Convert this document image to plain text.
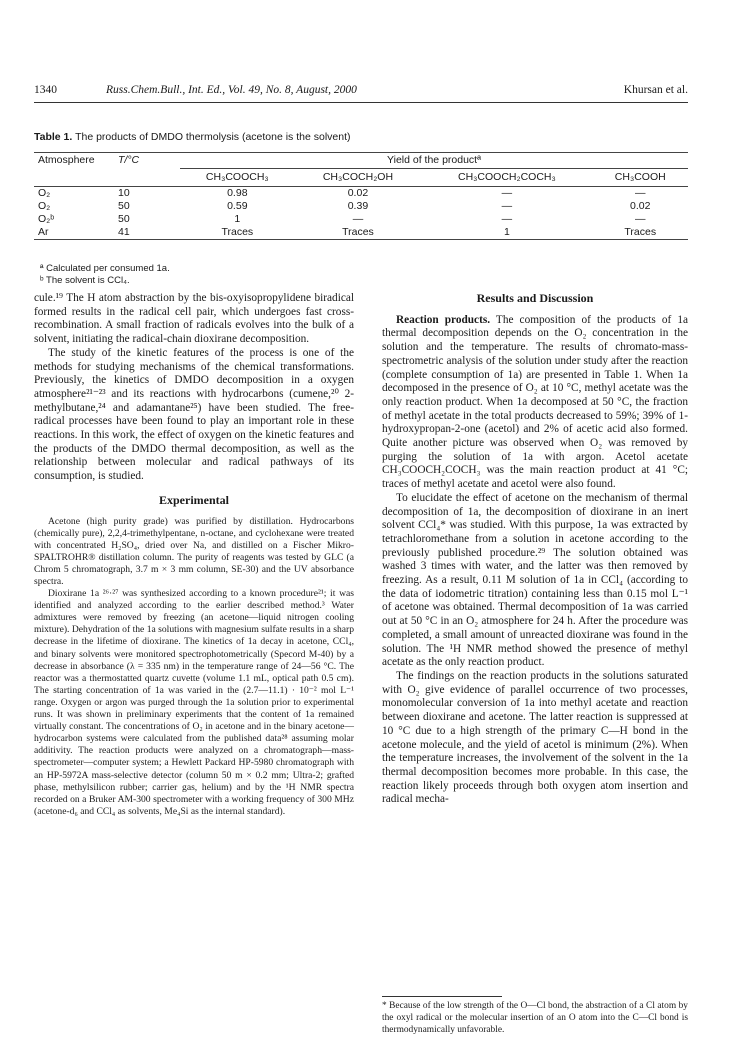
1340	Russ.Chem.Bull., Int. Ed., Vol. 49, No. 8, August, 2000	Khursan et al.
Table 1. The products of DMDO thermolysis (acetone is the solvent)
Atmosphere	T/°C	Yield of the productª			
		CH₃COOCH₃	CH₃COCH₂OH	CH₃COOCH₂COCH₃	CH₃COOH
O₂	10	0.98	0.02	—	—
O₂	50	0.59	0.39	—	0.02
O₂ᵇ	50	1	—	—	—
Ar	41	Traces	Traces	1	Traces
ª Calculated per consumed 1a.
ᵇ The solvent is CCl₄.

cule.¹⁹ The H atom abstraction by the bis-oxyisopropylidene biradical formed results in the radical cell pair, which undergoes fast cross-recombination. A small fraction of radicals evolves into the bulk of a solvent, initiating the radical-chain dioxirane decomposition.

The study of the kinetic features of the process is one of the methods for studying mechanisms of the chemical transformations. Previously, the kinetics of DMDO decomposition in a oxygen atmosphere²¹⁻²³ and its reactions with hydrocarbons (cumene,²⁰ 2-methylbutane,²⁴ and adamantane²⁵) have been studied. The free-radical processes have been found to play an important role in these reactions. In this work, the effect of oxygen on the kinetic features and the products of the DMDO thermal decomposition, as well as the relationship between molecular and radical pathways of its consumption, is studied.

Experimental

Acetone (high purity grade) was purified by distillation. Hydrocarbons (chemically pure), 2,2,4-trimethylpentane, n-octane, and cyclohexane were treated with concentrated H₂SO₄, dried over Na, and distilled on a Fischer Mikro-SPALTROHR® distillation column. The purity of reagents was tested by GLC (a Chrom 5 chromatograph, 3.7 m × 3 mm column, SE-30) and the UV absorbance spectra.

Dioxirane 1a ²⁶·²⁷ was synthesized according to a known procedure²¹; it was identified and analyzed according to the earlier described method.³ Water admixtures were removed by freezing (an acetone—liquid nitrogen cooling mixture). Dehydration of the 1a solutions with magnesium sulfate results in a sharp decrease in the lifetime of dioxirane. The kinetics of 1a decay in acetone, CCl₄, and binary solvents were monitored spectrophotometrically (Specord M-40) by a decrease in absorbance (λ = 335 nm) in the temperature range of 24—56 °C. The reactor was a thermostatted quartz cuvette (volume 1.1 mL, optical path 0.5 cm). The starting concentration of 1a was varied in the (2.7—11.1) · 10⁻² mol L⁻¹ range. Oxygen or argon was purged through the 1a solution prior to experimental runs. It was shown in preliminary experiments that the content of 1a remained virtually constant. The concentrations of O₂ in acetone and in the binary acetone—hydrocarbon systems were calculated from the published data²⁸ assuming molar additivity. The reaction products were analyzed on a chromatograph—mass-spectrometer—computer system; a Hewlett Packard HP-5980 chromatograph with an HP-5972A mass-selective detector (column 50 m × 0.2 mm; Ultra-2; grafted phase, methylsilicon rubber; carrier gas, helium) and by the ¹H NMR spectra recorded on a Bruker AM-300 spectrometer with a working frequency of 300 MHz (acetone-d₆ and CCl₄ as solvents, Me₄Si as the internal standard).

Results and Discussion

Reaction products. The composition of the products of 1a thermal decomposition depends on the O₂ concentration in the solution and the temperature. The results of chromato-mass-spectrometric analysis of the solution under study after the reaction (complete consumption of 1a) are presented in Table 1. When 1a decomposed in the presence of O₂ at 10 °C, methyl acetate was the only reaction product. When 1a decomposed at 50 °C, the fraction of methyl acetate in the total products decreased to 59%; 39% of 1-hydroxypropan-2-one (acetol) and 2% of acetic acid also formed. Quite another picture was observed when O₂ was removed by purging the solution of 1a with argon. Acetol acetate CH₃COOCH₂COCH₃ was the main reaction product at 41 °C; traces of methyl acetate and acetol were also found.

To elucidate the effect of acetone on the mechanism of thermal decomposition of 1a, the decomposition of dioxirane in an inert solvent CCl₄* was studied. With this purpose, 1a was extracted by tetrachloromethane from a solution in acetone according to the previously published procedure.²⁹ The solution obtained was washed 3 times with water, and the latter was then removed by freezing. As a result, 0.11 M solution of 1a in CCl₄ (according to the data of iodometric titration) containing less than 0.15 mol L⁻¹ of acetone was obtained. Thermal decomposition of 1a was carried out at 50 °C in an O₂ atmosphere for 24 h. After the procedure was completed, a small amount of unreacted dioxirane was found in the solution. The ¹H NMR method showed the presence of methyl acetate as the only reaction product.

The findings on the reaction products in the solutions saturated with O₂ give evidence of parallel occurrence of two processes, monomolecular conversion of 1a into methyl acetate and reaction between dioxirane and acetone. The latter reaction is suppressed at 10 °C due to a high strength of the primary C—H bond in the acetone molecule, and the yield of acetol is minimum (2%). When the temperature increases, the involvement of the solvent in the 1a thermal decomposition becomes more probable. In this case, the reaction likely proceeds through both oxygen atom insertion and radical mecha-

* Because of the low strength of the O—Cl bond, the abstraction of a Cl atom by the oxyl radical or the molecular insertion of an O atom into the C—Cl bond is thermodynamically unfavorable.
